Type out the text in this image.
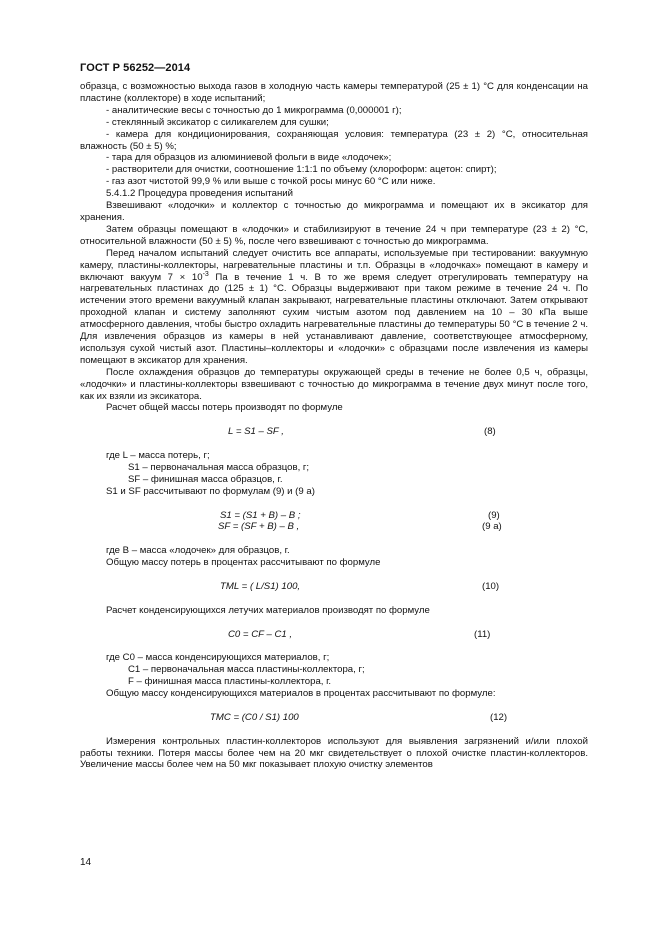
ГОСТ Р 56252—2014

образца, с возможностью выхода газов в холодную часть камеры температурой (25 ± 1) °С для конденсации на пластине (коллекторе) в ходе испытаний;

- аналитические весы с точностью до 1 микрограмма (0,000001 г);

- стеклянный эксикатор с силикагелем для сушки;

- камера для кондиционирования, сохраняющая условия: температура (23 ± 2) °С, относительная влажность (50 ± 5) %;

- тара для образцов из алюминиевой фольги в виде «лодочек»;

- растворители для очистки, соотношение 1:1:1 по объему (хлороформ: ацетон: спирт);

- газ азот чистотой 99,9 % или выше с точкой росы минус 60 °С или ниже.

5.4.1.2 Процедура проведения испытаний

Взвешивают «лодочки» и коллектор с точностью до микрограмма и помещают их в эксикатор для хранения.

Затем образцы помещают в «лодочки» и стабилизируют в течение 24 ч при температуре (23 ± 2) °С, относительной влажности (50 ± 5) %, после чего взвешивают с точностью до микрограмма.

Перед началом испытаний следует очистить все аппараты, используемые при тестировании: вакуумную камеру, пластины-коллекторы, нагревательные пластины и т.п. Образцы в «лодочках» помещают в камеру и включают вакуум $7 \times 10^{-3}$ Па в течение 1 ч. В то же время следует отрегулировать температуру на нагревательных пластинах до (125 ± 1) °С. Образцы выдерживают при таком режиме в течение 24 ч. По истечении этого времени вакуумный клапан закрывают, нагревательные пластины отключают. Затем открывают проходной клапан и систему заполняют сухим чистым азотом под давлением на 10 – 30 кПа выше атмосферного давления, чтобы быстро охладить нагревательные пластины до температуры 50 °С в течение 2 ч. Для извлечения образцов из камеры в ней устанавливают давление, соответствующее атмосферному, используя сухой чистый азот. Пластины–коллекторы и «лодочки» с образцами после извлечения из камеры помещают в эксикатор для хранения.

После охлаждения образцов до температуры окружающей среды в течение не более 0,5 ч, образцы, «лодочки» и пластины-коллекторы взвешивают с точностью до микрограмма в течение двух минут после того, как их взяли из эксикатора.

Расчет общей массы потерь производят по формуле

L = S1 – SF ,	(8)

где L – масса потерь, г;

S1 – первоначальная масса образцов, г;

SF – финишная масса образцов, г.

S1 и SF рассчитывают по формулам (9) и (9 а)

S1 = (S1 + B) – B ;	(9)
SF = (SF + B) – B ,	(9 а)

где B – масса «лодочек» для образцов, г.

Общую массу потерь в процентах рассчитывают по формуле

TML = ( L/S1) 100,	(10)

Расчет конденсирующихся летучих материалов производят по формуле

C0 = CF – C1 ,	(11)

где C0 – масса конденсирующихся материалов, г;

C1 – первоначальная масса пластины-коллектора, г;

F – финишная масса пластины-коллектора, г.

Общую массу конденсирующихся материалов в процентах рассчитывают по формуле:

TMC = (C0 / S1) 100	(12)

Измерения контрольных пластин-коллекторов используют для выявления загрязнений и/или плохой работы техники. Потеря массы более чем на 20 мкг свидетельствует о плохой очистке пластин-коллекторов. Увеличение массы более чем на 50 мкг показывает плохую очистку элементов

14
